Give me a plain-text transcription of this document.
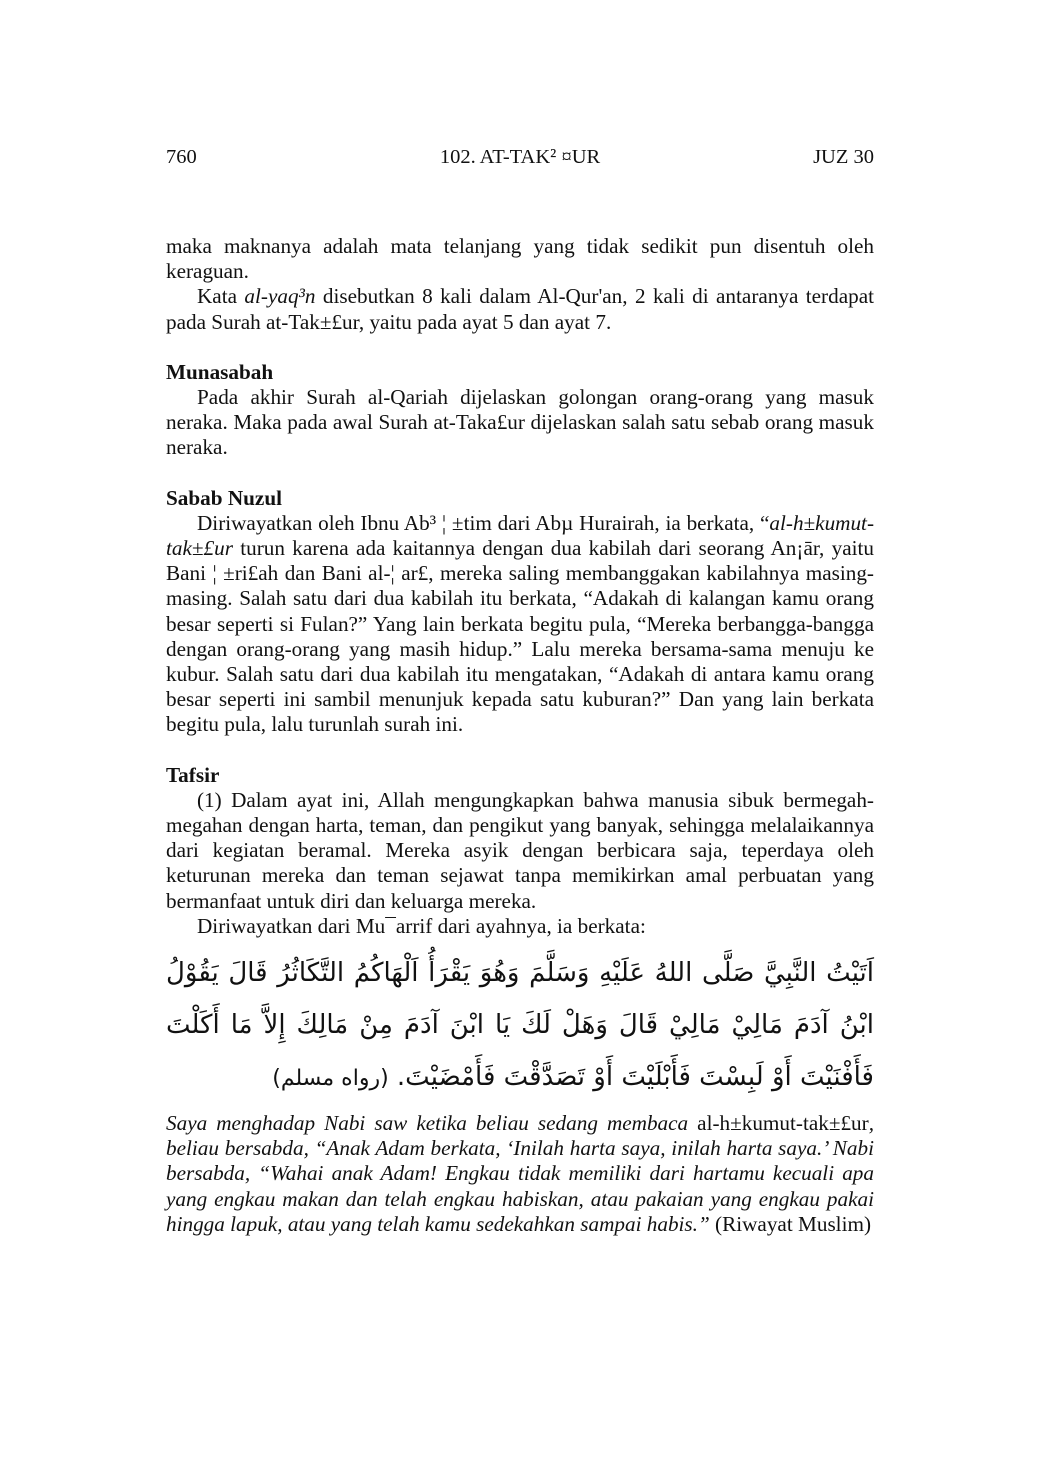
760	102. AT-TAK² ¤UR	JUZ 30

maka maknanya adalah mata telanjang yang tidak sedikit pun disentuh oleh keraguan.

Kata al-yaq³n disebutkan 8 kali dalam Al-Qur'an, 2 kali di antaranya terdapat pada Surah at-Tak±£ur, yaitu pada ayat 5 dan ayat 7.

Munasabah

Pada akhir Surah al-Qariah dijelaskan golongan orang-orang yang masuk neraka. Maka pada awal Surah at-Taka£ur dijelaskan salah satu sebab orang masuk neraka.

Sabab Nuzul

Diriwayatkan oleh Ibnu Ab³ ¦ ±tim dari Abµ Hurairah, ia berkata, “al-h±kumut-tak±£ur turun karena ada kaitannya dengan dua kabilah dari seorang An¡ār, yaitu Bani ¦ ±ri£ah dan Bani al-¦ ar£, mereka saling membanggakan kabilahnya masing-masing. Salah satu dari dua kabilah itu berkata, “Adakah di kalangan kamu orang besar seperti si Fulan?” Yang lain berkata begitu pula, “Mereka berbangga-bangga dengan orang-orang yang masih hidup.” Lalu mereka bersama-sama menuju ke kubur. Salah satu dari dua kabilah itu mengatakan, “Adakah di antara kamu orang besar seperti ini sambil menunjuk kepada satu kuburan?” Dan yang lain berkata begitu pula, lalu turunlah surah ini.

Tafsir

(1) Dalam ayat ini, Allah mengungkapkan bahwa manusia sibuk bermegah-megahan dengan harta, teman, dan pengikut yang banyak, sehingga melalaikannya dari kegiatan beramal. Mereka asyik dengan berbicara saja, teperdaya oleh keturunan mereka dan teman sejawat tanpa memikirkan amal perbuatan yang bermanfaat untuk diri dan keluarga mereka.

Diriwayatkan dari Mu¯arrif dari ayahnya, ia berkata:

اَتَيْتُ النَّبِيَّ صَلَّى اللهُ عَلَيْهِ وَسَلَّمَ وَهُوَ يَقْرَأُ اَلْهَاكُمُ التَّكَاثُرُ قَالَ يَقُوْلُ ابْنُ آدَمَ مَالِيْ مَالِيْ قَالَ وَهَلْ لَكَ يَا ابْنَ آدَمَ مِنْ مَالِكَ إِلاَّ مَا أَكَلْتَ فَأَفْنَيْتَ أَوْ لَبِسْتَ فَأَبْلَيْتَ أَوْ تَصَدَّقْتَ فَأَمْضَيْتَ. (رواه مسلم)

Saya menghadap Nabi saw ketika beliau sedang membaca al-h±kumut-tak±£ur, beliau bersabda, “Anak Adam berkata, ‘Inilah harta saya, inilah harta saya.’ Nabi bersabda, “Wahai anak Adam! Engkau tidak memiliki dari hartamu kecuali apa yang engkau makan dan telah engkau habiskan, atau pakaian yang engkau pakai hingga lapuk, atau yang telah kamu sedekahkan sampai habis.” (Riwayat Muslim)
